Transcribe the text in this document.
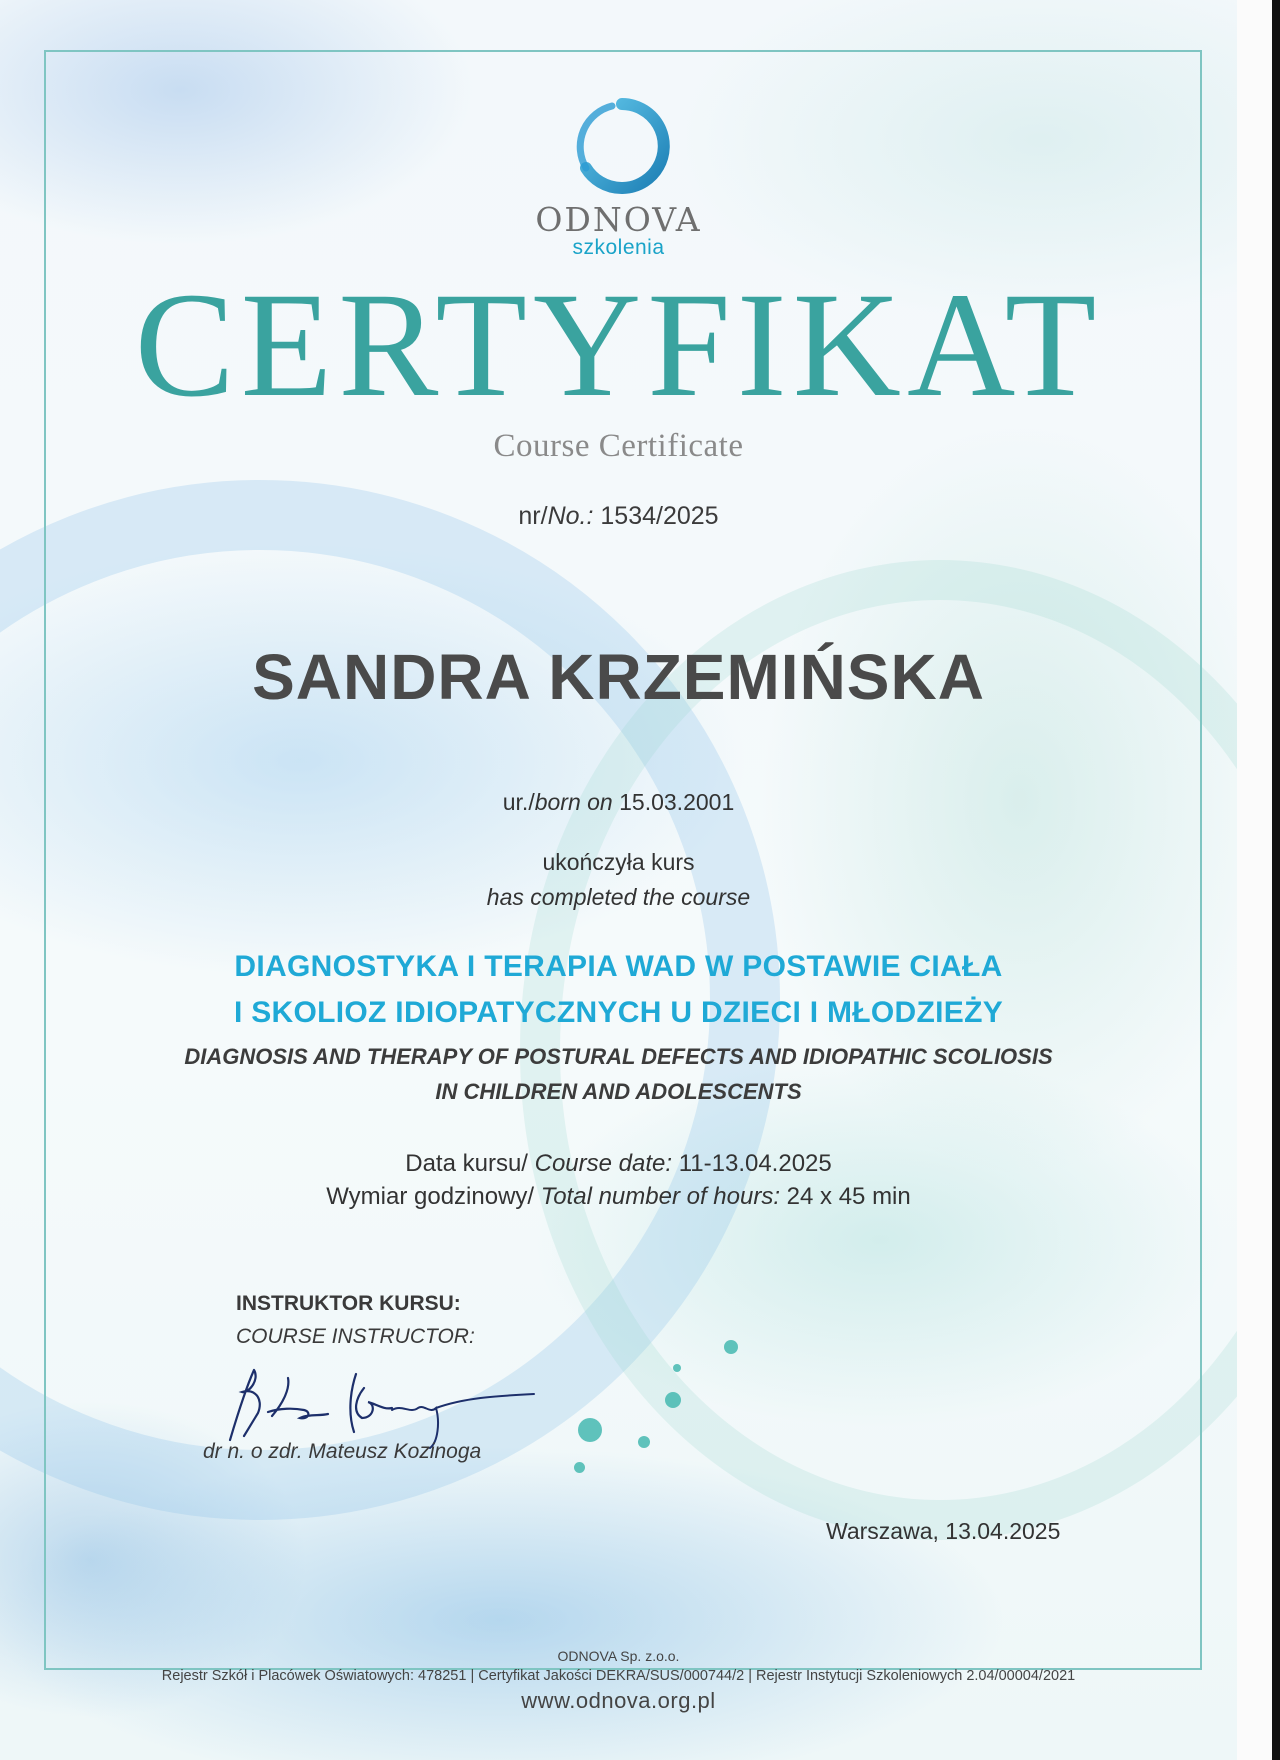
ODNOVA
szkolenia
CERTYFIKAT
Course Certificate
nr/No.: 1534/2025
SANDRA KRZEMIŃSKA
ur./born on 15.03.2001
ukończyła kurs
has completed the course
DIAGNOSTYKA I TERAPIA WAD W POSTAWIE CIAŁA
I SKOLIOZ IDIOPATYCZNYCH U DZIECI I MŁODZIEŻY
DIAGNOSIS AND THERAPY OF POSTURAL DEFECTS AND IDIOPATHIC SCOLIOSIS
IN CHILDREN AND ADOLESCENTS
Data kursu/ Course date: 11-13.04.2025
Wymiar godzinowy/ Total number of hours: 24 x 45 min
INSTRUKTOR KURSU:
COURSE INSTRUCTOR:
dr n. o zdr. Mateusz Kozinoga
Warszawa, 13.04.2025
ODNOVA Sp. z.o.o.
Rejestr Szkół i Placówek Oświatowych: 478251 | Certyfikat Jakości DEKRA/SUS/000744/2 | Rejestr Instytucji Szkoleniowych 2.04/00004/2021
www.odnova.org.pl
